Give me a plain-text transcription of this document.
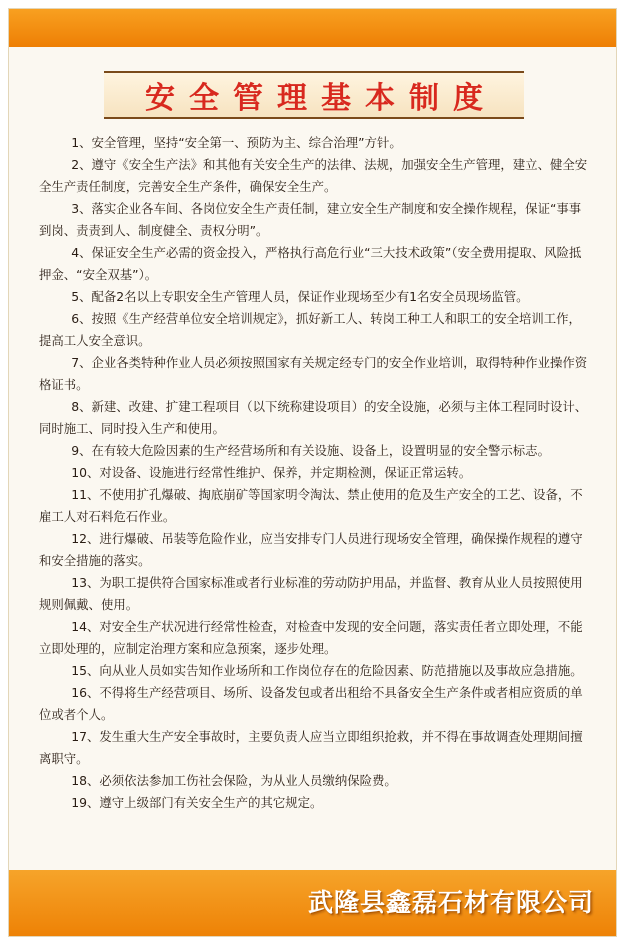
安全管理基本制度

1、安全管理，坚持“安全第一、预防为主、综合治理”方针。

2、遵守《安全生产法》和其他有关安全生产的法律、法规，加强安全生产管理，建立、健全安全生产责任制度，完善安全生产条件，确保安全生产。

3、落实企业各车间、各岗位安全生产责任制，建立安全生产制度和安全操作规程，保证“事事到岗、责责到人、制度健全、责权分明”。

4、保证安全生产必需的资金投入，严格执行高危行业“三大技术政策”（安全费用提取、风险抵押金、“安全双基”）。

5、配备2名以上专职安全生产管理人员，保证作业现场至少有1名安全员现场监管。

6、按照《生产经营单位安全培训规定》，抓好新工人、转岗工种工人和职工的安全培训工作，提高工人安全意识。

7、企业各类特种作业人员必须按照国家有关规定经专门的安全作业培训，取得特种作业操作资格证书。

8、新建、改建、扩建工程项目（以下统称建设项目）的安全设施，必须与主体工程同时设计、同时施工、同时投入生产和使用。

9、在有较大危险因素的生产经营场所和有关设施、设备上，设置明显的安全警示标志。

10、对设备、设施进行经常性维护、保养，并定期检测，保证正常运转。

11、不使用扩孔爆破、掏底崩矿等国家明令淘汰、禁止使用的危及生产安全的工艺、设备，不雇工人对石料危石作业。

12、进行爆破、吊装等危险作业，应当安排专门人员进行现场安全管理，确保操作规程的遵守和安全措施的落实。

13、为职工提供符合国家标准或者行业标准的劳动防护用品，并监督、教育从业人员按照使用规则佩戴、使用。

14、对安全生产状况进行经常性检查，对检查中发现的安全问题，落实责任者立即处理，不能立即处理的，应制定治理方案和应急预案，逐步处理。

15、向从业人员如实告知作业场所和工作岗位存在的危险因素、防范措施以及事故应急措施。

16、不得将生产经营项目、场所、设备发包或者出租给不具备安全生产条件或者相应资质的单位或者个人。

17、发生重大生产安全事故时，主要负责人应当立即组织抢救，并不得在事故调查处理期间擅离职守。

18、必须依法参加工伤社会保险，为从业人员缴纳保险费。

19、遵守上级部门有关安全生产的其它规定。

武隆县鑫磊石材有限公司
